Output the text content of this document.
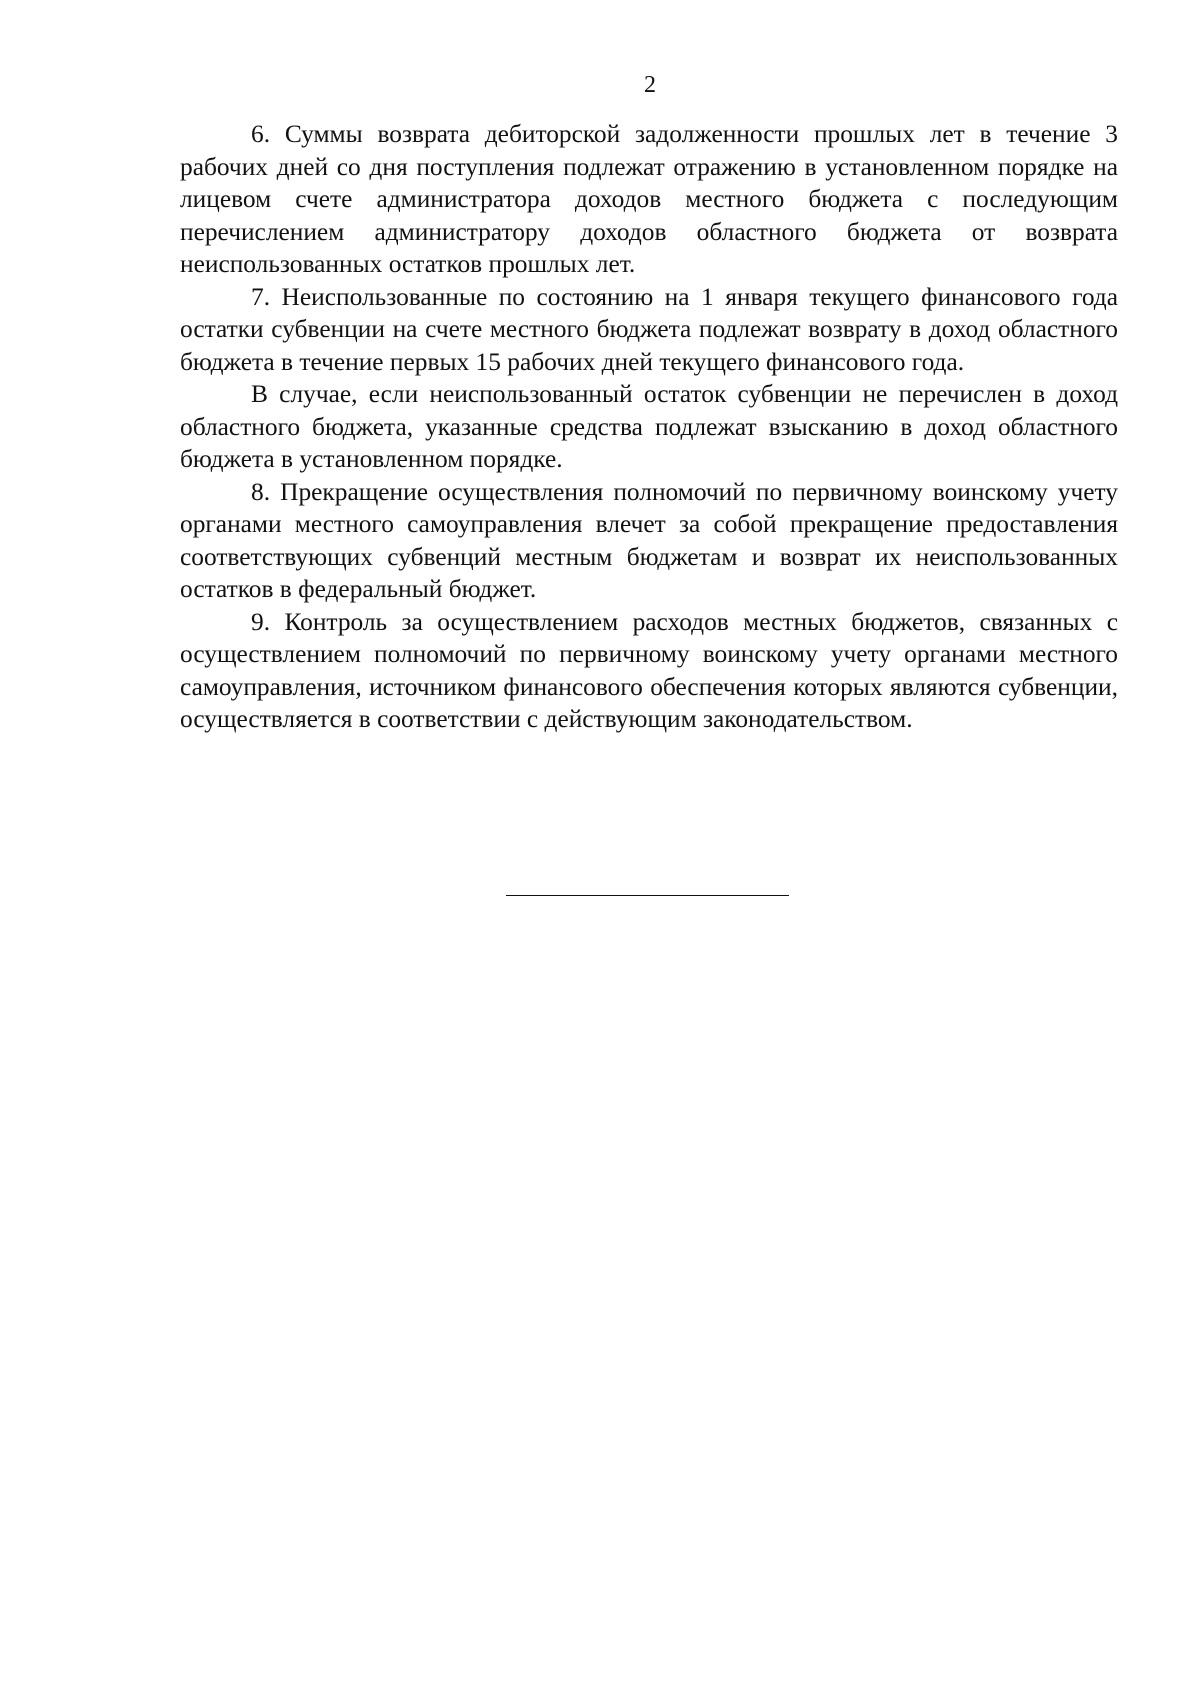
2

6. Суммы возврата дебиторской задолженности прошлых лет в течение 3 рабочих дней со дня поступления подлежат отражению в установленном порядке на лицевом счете администратора доходов местного бюджета с последующим перечислением администратору доходов областного бюджета от возврата неиспользованных остатков прошлых лет.

7. Неиспользованные по состоянию на 1 января текущего финансового года остатки субвенции на счете местного бюджета подлежат возврату в доход областного бюджета в течение первых 15 рабочих дней текущего финансового года.

В случае, если неиспользованный остаток субвенции не перечислен в доход областного бюджета, указанные средства подлежат взысканию в доход областного бюджета в установленном порядке.

8. Прекращение осуществления полномочий по первичному воинскому учету органами местного самоуправления влечет за собой прекращение предоставления соответствующих субвенций местным бюджетам и возврат их неиспользованных остатков в федеральный бюджет.

9. Контроль за осуществлением расходов местных бюджетов, связанных с осуществлением полномочий по первичному воинскому учету органами местного самоуправления, источником финансового обеспечения которых являются субвенции, осуществляется в соответствии с действующим законодательством.
